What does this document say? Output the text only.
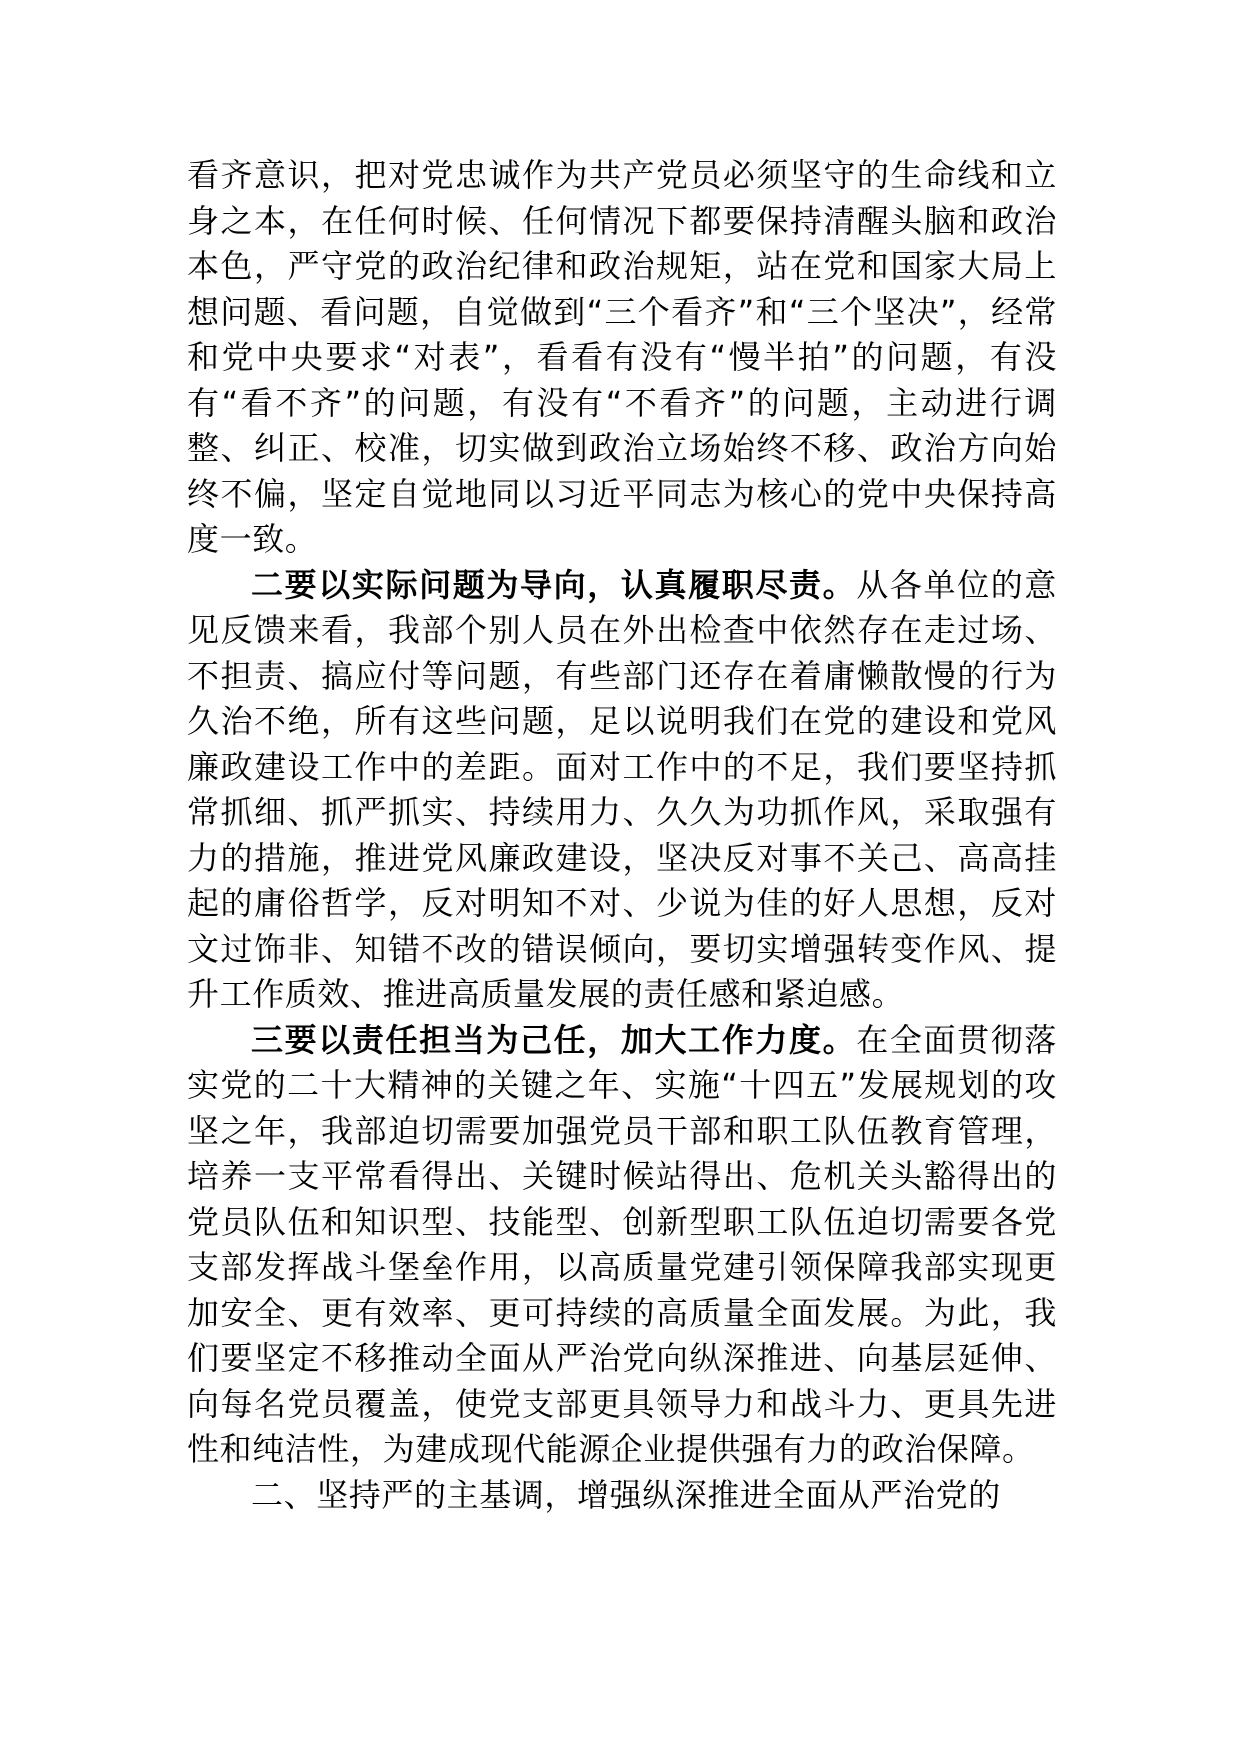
看齐意识，把对党忠诚作为共产党员必须坚守的生命线和立身之本，在任何时候、任何情况下都要保持清醒头脑和政治本色，严守党的政治纪律和政治规矩，站在党和国家大局上想问题、看问题，自觉做到“三个看齐”和“三个坚决”，经常和党中央要求“对表”，看看有没有“慢半拍”的问题，有没有“看不齐”的问题，有没有“不看齐”的问题，主动进行调整、纠正、校准，切实做到政治立场始终不移、政治方向始终不偏，坚定自觉地同以习近平同志为核心的党中央保持高度一致。

二要以实际问题为导向，认真履职尽责。从各单位的意见反馈来看，我部个别人员在外出检查中依然存在走过场、不担责、搞应付等问题，有些部门还存在着庸懒散慢的行为久治不绝，所有这些问题，足以说明我们在党的建设和党风廉政建设工作中的差距。面对工作中的不足，我们要坚持抓常抓细、抓严抓实、持续用力、久久为功抓作风，采取强有力的措施，推进党风廉政建设，坚决反对事不关己、高高挂起的庸俗哲学，反对明知不对、少说为佳的好人思想，反对文过饰非、知错不改的错误倾向，要切实增强转变作风、提升工作质效、推进高质量发展的责任感和紧迫感。

三要以责任担当为己任，加大工作力度。在全面贯彻落实党的二十大精神的关键之年、实施“十四五”发展规划的攻坚之年，我部迫切需要加强党员干部和职工队伍教育管理，培养一支平常看得出、关键时候站得出、危机关头豁得出的党员队伍和知识型、技能型、创新型职工队伍迫切需要各党支部发挥战斗堡垒作用，以高质量党建引领保障我部实现更加安全、更有效率、更可持续的高质量全面发展。为此，我们要坚定不移推动全面从严治党向纵深推进、向基层延伸、向每名党员覆盖，使党支部更具领导力和战斗力、更具先进性和纯洁性，为建成现代能源企业提供强有力的政治保障。

二、坚持严的主基调，增强纵深推进全面从严治党的
